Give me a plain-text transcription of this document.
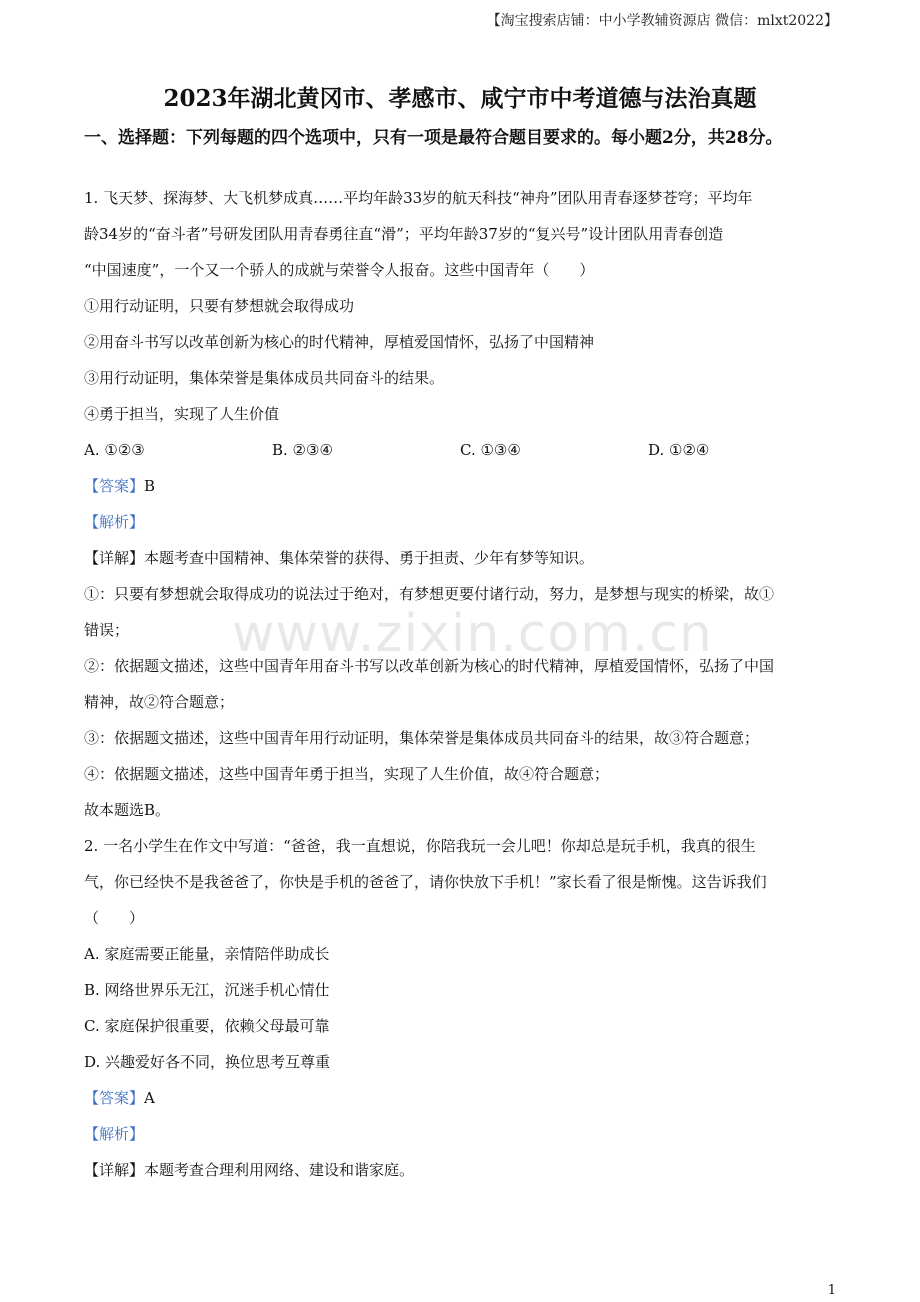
【淘宝搜索店铺：中小学教辅资源店 微信：mlxt2022】
2023年湖北黄冈市、孝感市、咸宁市中考道德与法治真题
一、选择题：下列每题的四个选项中，只有一项是最符合题目要求的。每小题2分，共28分。

1. 飞天梦、探海梦、大飞机梦成真……平均年龄33岁的航天科技“神舟”团队用青春逐梦苍穹；平均年

龄34岁的“奋斗者”号研发团队用青春勇往直“滑”；平均年龄37岁的“复兴号”设计团队用青春创造

“中国速度”，一个又一个骄人的成就与荣誉令人报奋。这些中国青年（　　）

①用行动证明，只要有梦想就会取得成功

②用奋斗书写以改革创新为核心的时代精神，厚植爱国情怀，弘扬了中国精神

③用行动证明，集体荣誉是集体成员共同奋斗的结果。

④勇于担当，实现了人生价值

A. ①②③	B. ②③④	C. ①③④	D. ①②④

【答案】B

【解析】

【详解】本题考查中国精神、集体荣誉的获得、勇于担责、少年有梦等知识。

①：只要有梦想就会取得成功的说法过于绝对，有梦想更要付诸行动，努力，是梦想与现实的桥梁，故①

错误；

②：依据题文描述，这些中国青年用奋斗书写以改革创新为核心的时代精神，厚植爱国情怀，弘扬了中国

精神，故②符合题意；

③：依据题文描述，这些中国青年用行动证明，集体荣誉是集体成员共同奋斗的结果，故③符合题意；

④：依据题文描述，这些中国青年勇于担当，实现了人生价值，故④符合题意；

故本题选B。

2. 一名小学生在作文中写道：“爸爸，我一直想说，你陪我玩一会儿吧！你却总是玩手机，我真的很生

气，你已经快不是我爸爸了，你快是手机的爸爸了，请你快放下手机！”家长看了很是惭愧。这告诉我们

（　　）

A. 家庭需要正能量，亲情陪伴助成长

B. 网络世界乐无江，沉迷手机心情仕

C. 家庭保护很重要，依赖父母最可靠

D. 兴趣爱好各不同，换位思考互尊重

【答案】A

【解析】

【详解】本题考查合理利用网络、建设和谐家庭。

www.zixin.com.cn
1
